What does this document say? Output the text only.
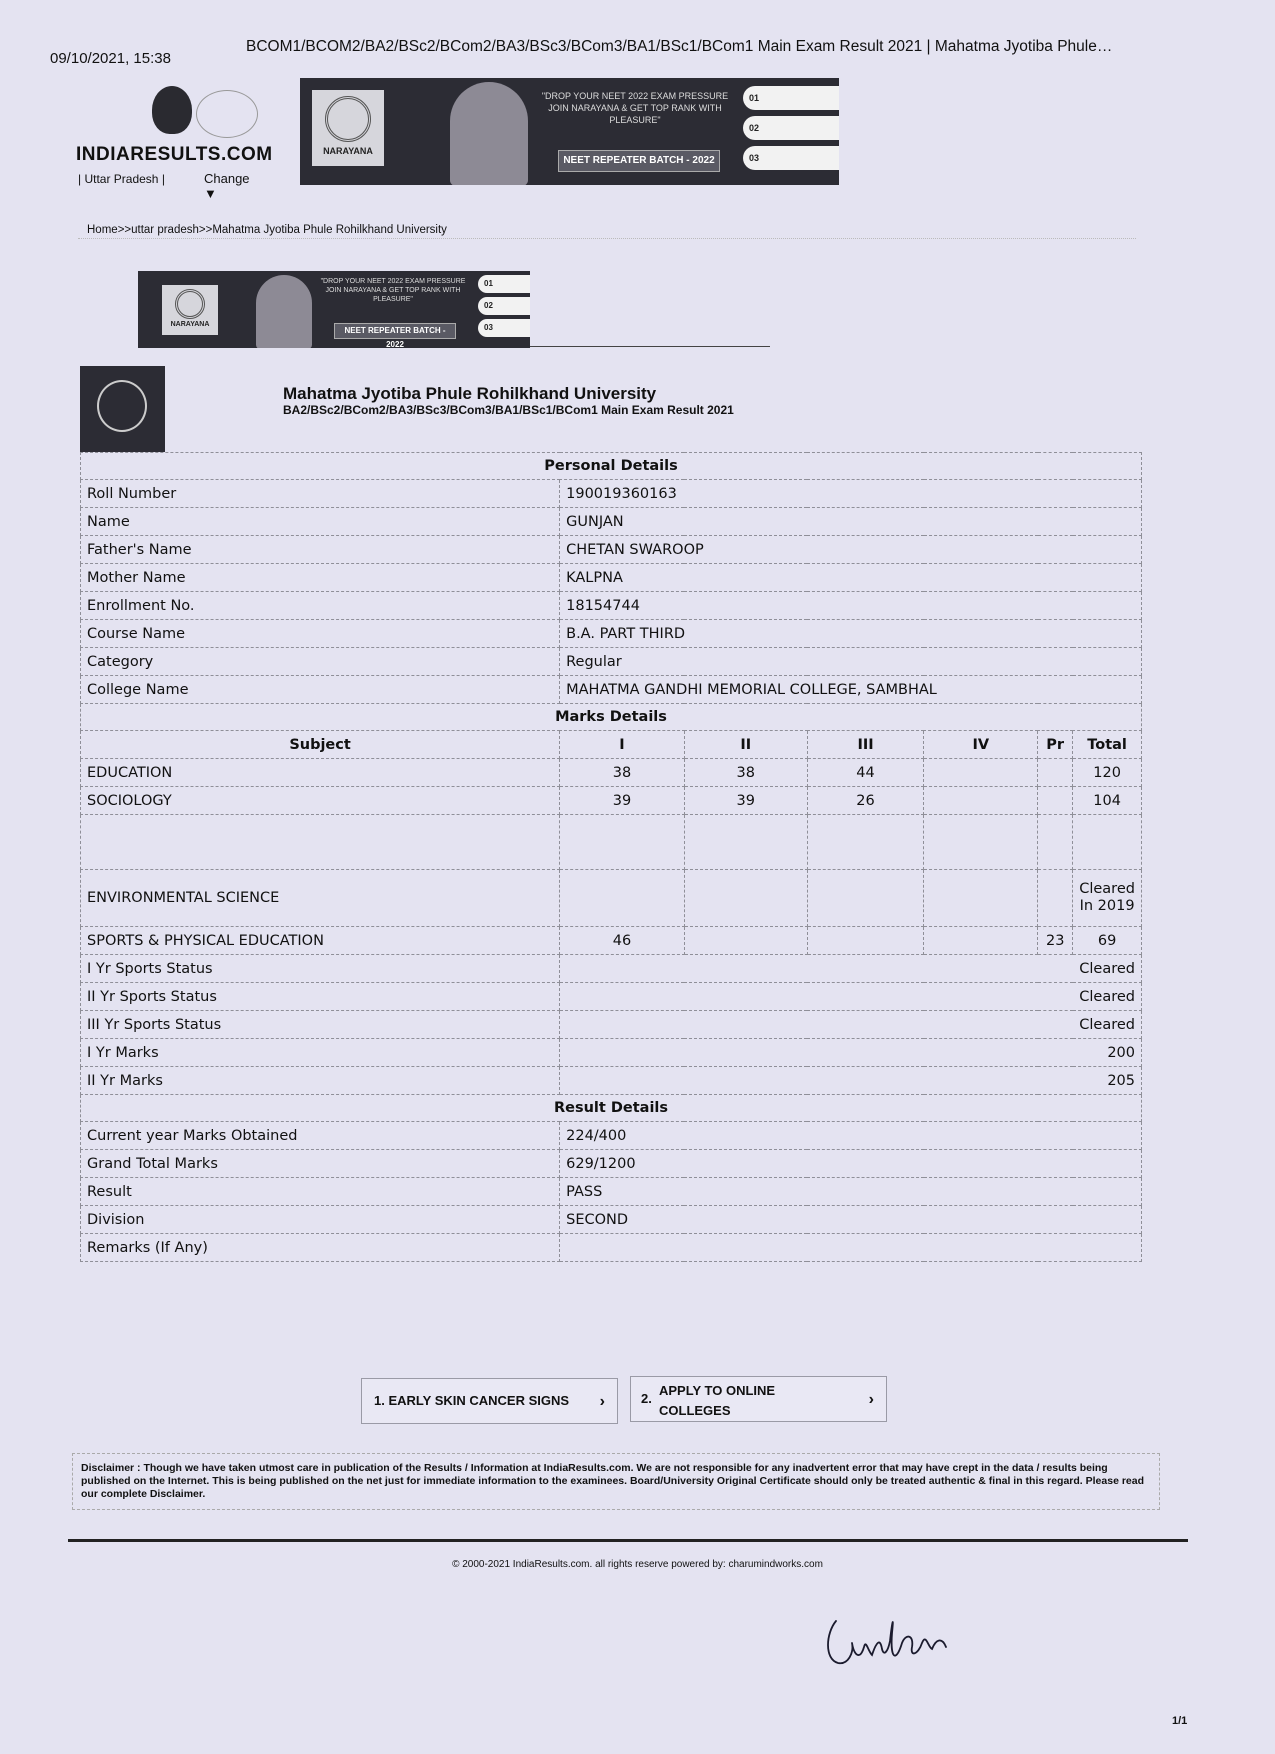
09/10/2021, 15:38
BCOM1/BCOM2/BA2/BSc2/BCom2/BA3/BSc3/BCom3/BA1/BSc1/BCom1 Main Exam Result 2021 | Mahatma Jyotiba Phule…
INDIARESULTS.COM
| Uttar Pradesh |	Change ▼
NARAYANA
"DROP YOUR NEET 2022 EXAM PRESSURE JOIN NARAYANA & GET TOP RANK WITH PLEASURE"
NEET REPEATER BATCH - 2022
01
02
03
Home>>uttar pradesh>>Mahatma Jyotiba Phule Rohilkhand University
NARAYANA
"DROP YOUR NEET 2022 EXAM PRESSURE JOIN NARAYANA & GET TOP RANK WITH PLEASURE"
NEET REPEATER BATCH - 2022
01
02
03
Mahatma Jyotiba Phule Rohilkhand University
BA2/BSc2/BCom2/BA3/BSc3/BCom3/BA1/BSc1/BCom1 Main Exam Result 2021
Personal Details						
Roll Number	190019360163					
Name	GUNJAN					
Father's Name	CHETAN SWAROOP					
Mother Name	KALPNA					
Enrollment No.	18154744					
Course Name	B.A. PART THIRD					
Category	Regular					
College Name	MAHATMA GANDHI MEMORIAL COLLEGE, SAMBHAL					
Marks Details						
Subject	I	II	III	IV	Pr	Total
EDUCATION	38	38	44			120
SOCIOLOGY	39	39	26			104

ENVIRONMENTAL SCIENCE						Cleared In 2019
SPORTS & PHYSICAL EDUCATION	46				23	69
I Yr Sports Status	Cleared					
II Yr Sports Status	Cleared					
III Yr Sports Status	Cleared					
I Yr Marks	200					
II Yr Marks	205					
Result Details						
Current year Marks Obtained	224/400					
Grand Total Marks	629/1200					
Result	PASS					
Division	SECOND					
Remarks (If Any)						
1. EARLY SKIN CANCER SIGNS ›	2.
APPLY TO ONLINE COLLEGES
›
Disclaimer : Though we have taken utmost care in publication of the Results / Information at IndiaResults.com. We are not responsible for any inadvertent error that may have crept in the data / results being published on the Internet. This is being published on the net just for immediate information to the examinees. Board/University Original Certificate should only be treated authentic & final in this regard. Please read our complete Disclaimer.
© 2000-2021 IndiaResults.com. all rights reserve powered by: charumindworks.com
1/1
